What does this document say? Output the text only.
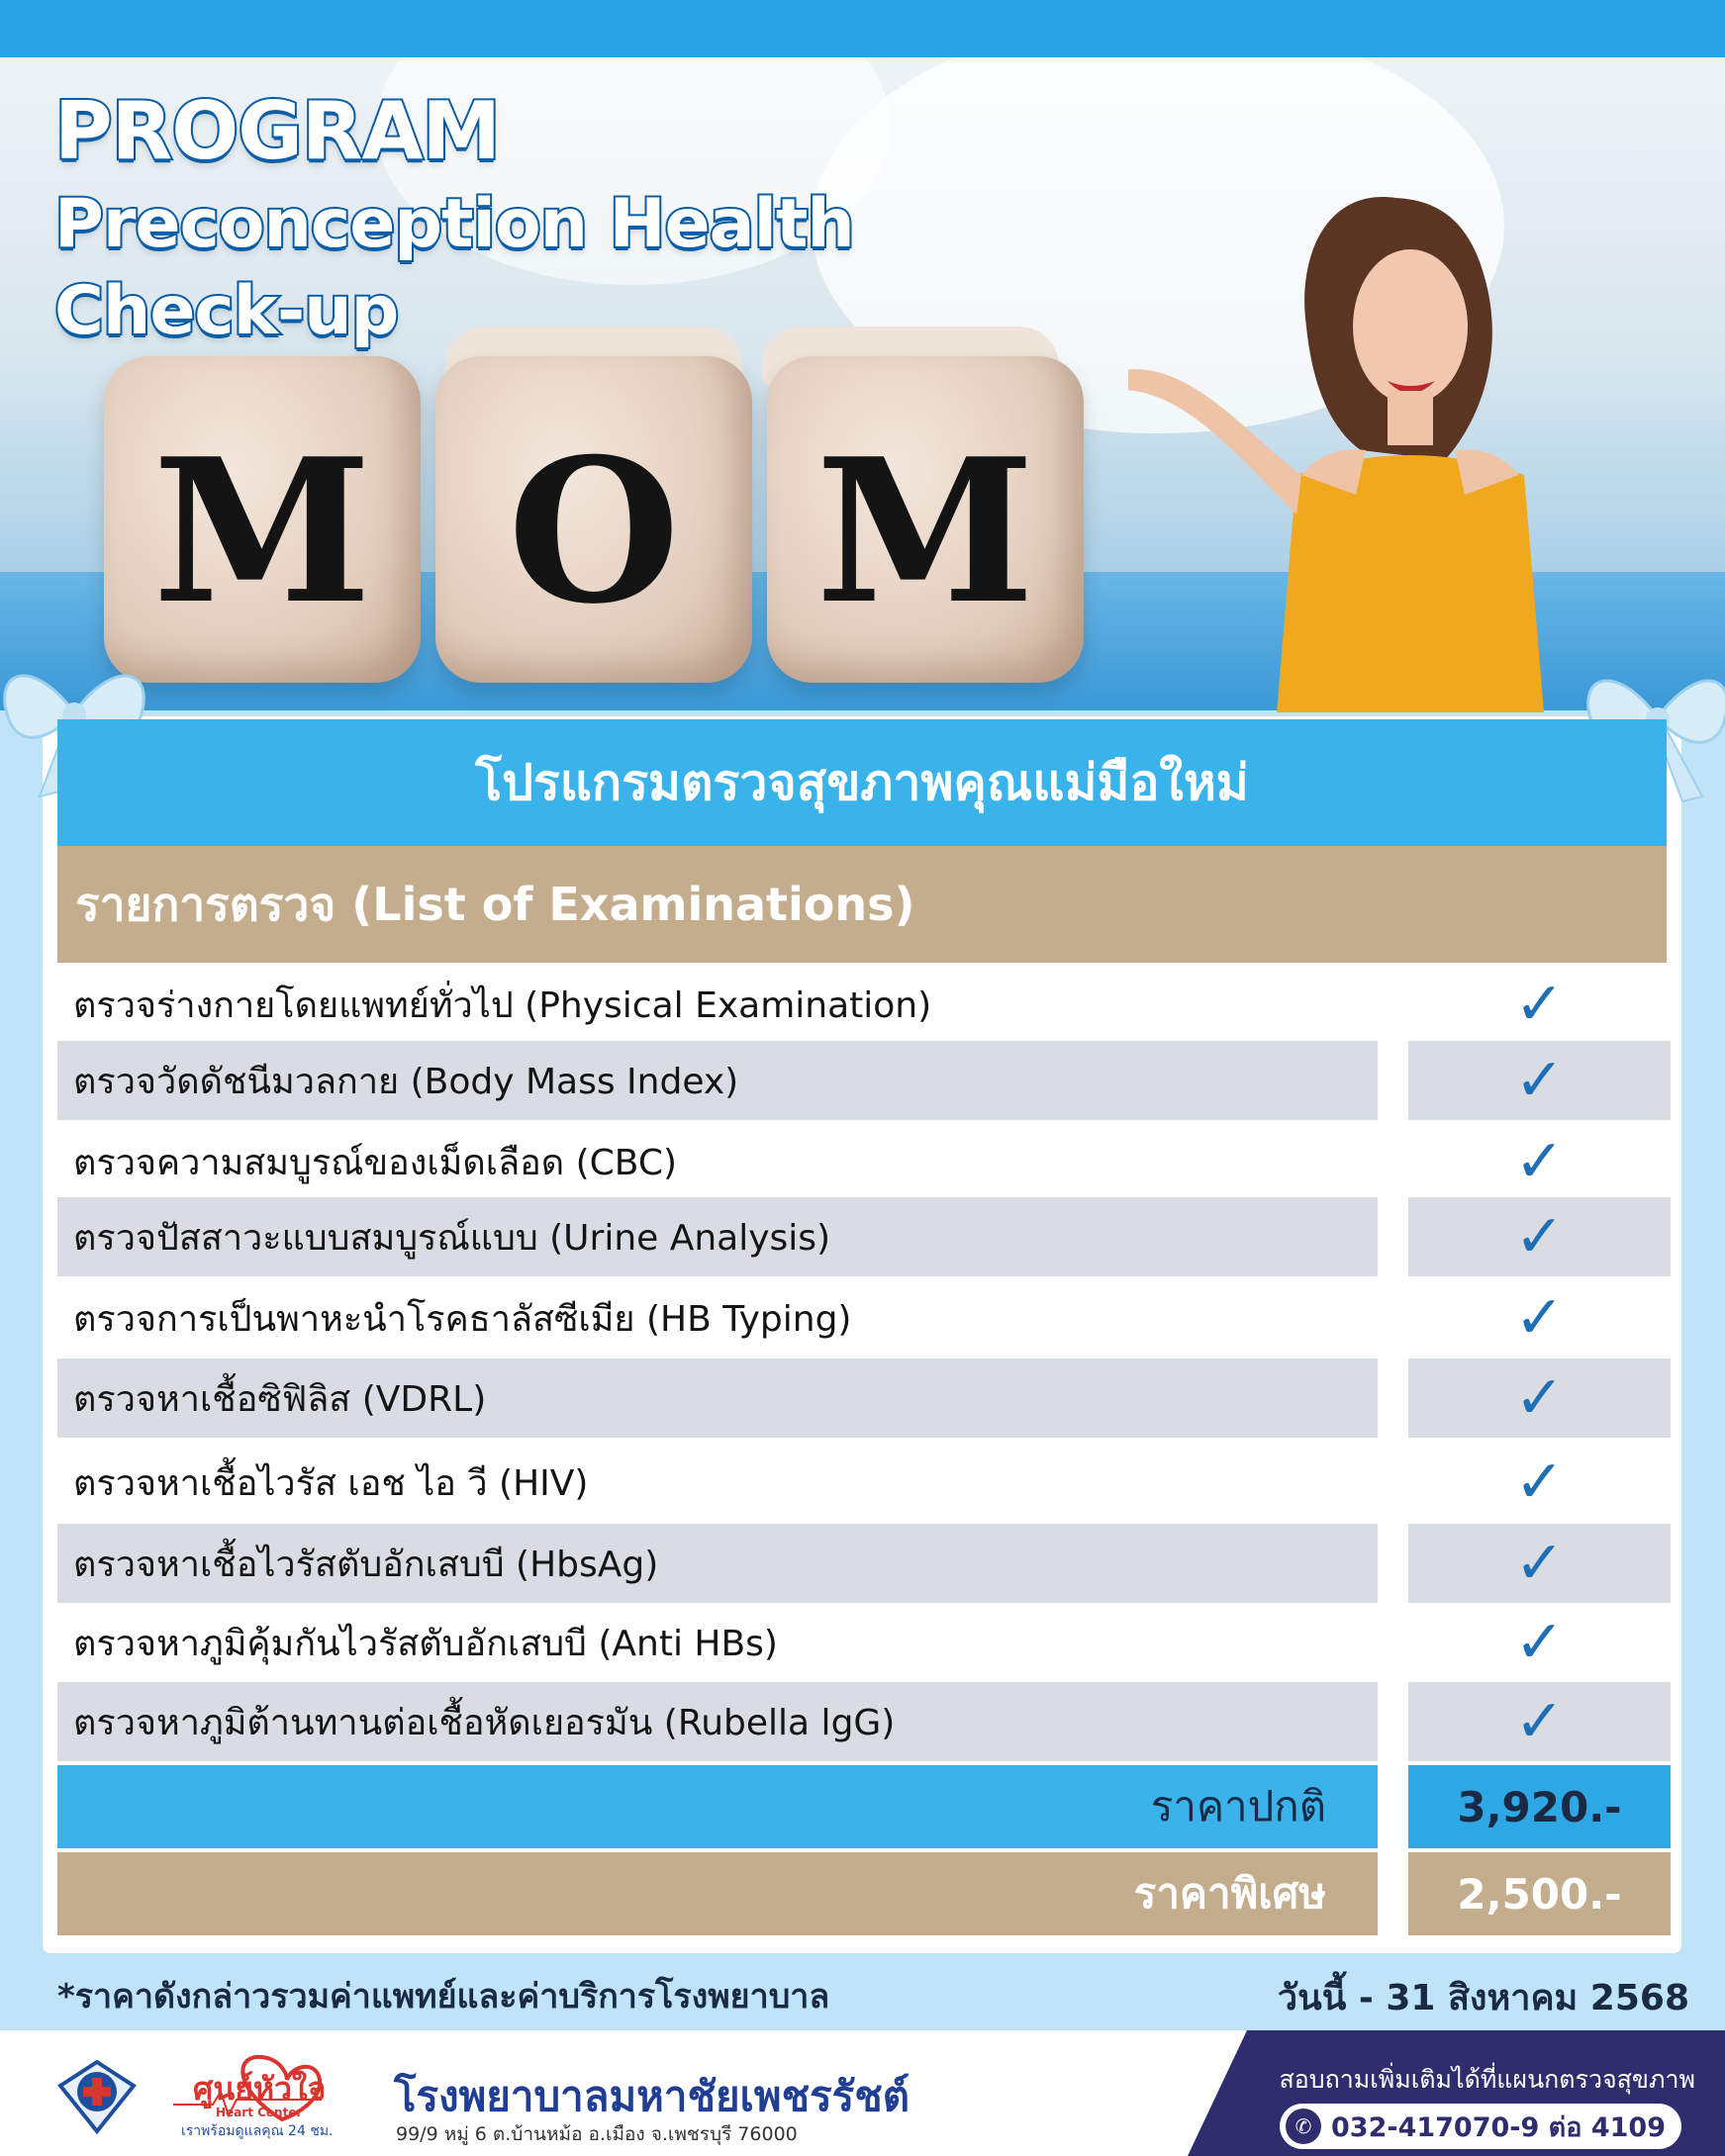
M O M
PROGRAM
Preconception Health
Check-up
โปรแกรมตรวจสุขภาพคุณแม่มือใหม่
รายการตรวจ (List of Examinations)
ตรวจร่างกายโดยแพทย์ทั่วไป (Physical Examination)	✓
ตรวจวัดดัชนีมวลกาย (Body Mass Index)	✓
ตรวจความสมบูรณ์ของเม็ดเลือด (CBC)	✓
ตรวจปัสสาวะแบบสมบูรณ์แบบ (Urine Analysis)	✓
ตรวจการเป็นพาหะนำโรคธาลัสซีเมีย (HB Typing)	✓
ตรวจหาเชื้อซิฟิลิส (VDRL)	✓
ตรวจหาเชื้อไวรัส เอช ไอ วี (HIV)	✓
ตรวจหาเชื้อไวรัสตับอักเสบบี (HbsAg)	✓
ตรวจหาภูมิคุ้มกันไวรัสตับอักเสบบี (Anti HBs)	✓
ตรวจหาภูมิต้านทานต่อเชื้อหัดเยอรมัน (Rubella lgG)	✓
ราคาปกติ	3,920.-
ราคาพิเศษ	2,500.-
*ราคาดังกล่าวรวมค่าแพทย์และค่าบริการโรงพยาบาล	วันนี้ - 31 สิงหาคม 2568
ศูนย์หัวใจ
Heart Center
เราพร้อมดูแลคุณ 24 ชม.
โรงพยาบาลมหาชัยเพชรรัชต์
99/9 หมู่ 6 ต.บ้านหม้อ อ.เมือง จ.เพชรบุรี 76000
สอบถามเพิ่มเติมได้ที่แผนกตรวจสุขภาพ
✆ 032-417070-9 ต่อ 4109
